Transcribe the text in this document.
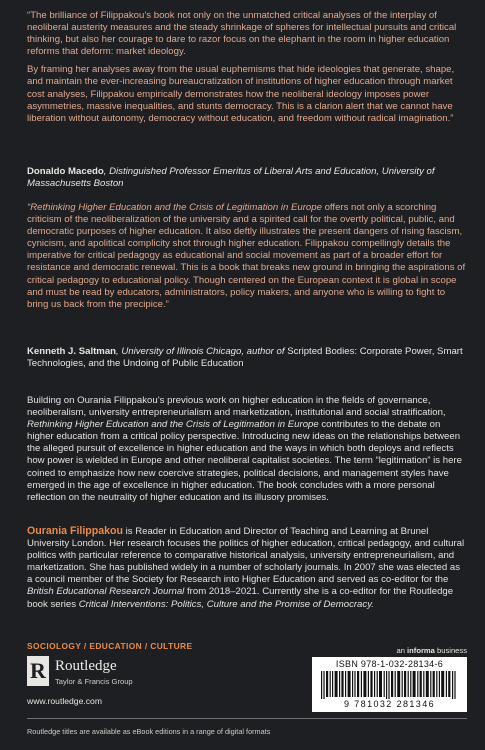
“The brilliance of Filippakou’s book not only on the unmatched critical analyses of the interplay of neoliberal austerity measures and the steady shrinkage of spheres for intellectual pursuits and critical thinking, but also her courage to dare to razor focus on the elephant in the room in higher education reforms that deform: market ideology.

By framing her analyses away from the usual euphemisms that hide ideologies that generate, shape, and maintain the ever-increasing bureaucratization of institutions of higher education through market cost analyses, Filippakou empirically demonstrates how the neoliberal ideology imposes power asymmetries, massive inequalities, and stunts democracy. This is a clarion alert that we cannot have liberation without autonomy, democracy without education, and freedom without radical imagination.”

Donaldo Macedo, Distinguished Professor Emeritus of Liberal Arts and Education, University of Massachusetts Boston

“Rethinking Higher Education and the Crisis of Legitimation in Europe offers not only a scorching criticism of the neoliberalization of the university and a spirited call for the overtly political, public, and democratic purposes of higher education. It also deftly illustrates the present dangers of rising fascism, cynicism, and apolitical complicity shot through higher education. Filippakou compellingly details the imperative for critical pedagogy as educational and social movement as part of a broader effort for resistance and democratic renewal. This is a book that breaks new ground in bringing the aspirations of critical pedagogy to educational policy. Though centered on the European context it is global in scope and must be read by educators, administrators, policy makers, and anyone who is willing to fight to bring us back from the precipice.”

Kenneth J. Saltman, University of Illinois Chicago, author of Scripted Bodies: Corporate Power, Smart Technologies, and the Undoing of Public Education

Building on Ourania Filippakou’s previous work on higher education in the fields of governance, neoliberalism, university entrepreneurialism and marketization, institutional and social stratification, Rethinking Higher Education and the Crisis of Legitimation in Europe contributes to the debate on higher education from a critical policy perspective. Introducing new ideas on the relationships between the alleged pursuit of excellence in higher education and the ways in which both deploys and reflects how power is wielded in Europe and other neoliberal capitalist societies. The term “legitimation” is here coined to emphasize how new coercive strategies, political decisions, and management styles have emerged in the age of excellence in higher education. The book concludes with a more personal reflection on the neutrality of higher education and its illusory promises.

Ourania Filippakou is Reader in Education and Director of Teaching and Learning at Brunel University London. Her research focuses the politics of higher education, critical pedagogy, and cultural politics with particular reference to comparative historical analysis, university entrepreneurialism, and marketization. She has published widely in a number of scholarly journals. In 2007 she was elected as a council member of the Society for Research into Higher Education and served as co-editor for the British Educational Research Journal from 2018–2021. Currently she is a co-editor for the Routledge book series Critical Interventions: Politics, Culture and the Promise of Democracy.

SOCIOLOGY / EDUCATION / CULTURE
R Routledge
Taylor & Francis Group
www.routledge.com
an informa business
ISBN 978-1-032-28134-6
9 781032 281346
Routledge titles are available as eBook editions in a range of digital formats
